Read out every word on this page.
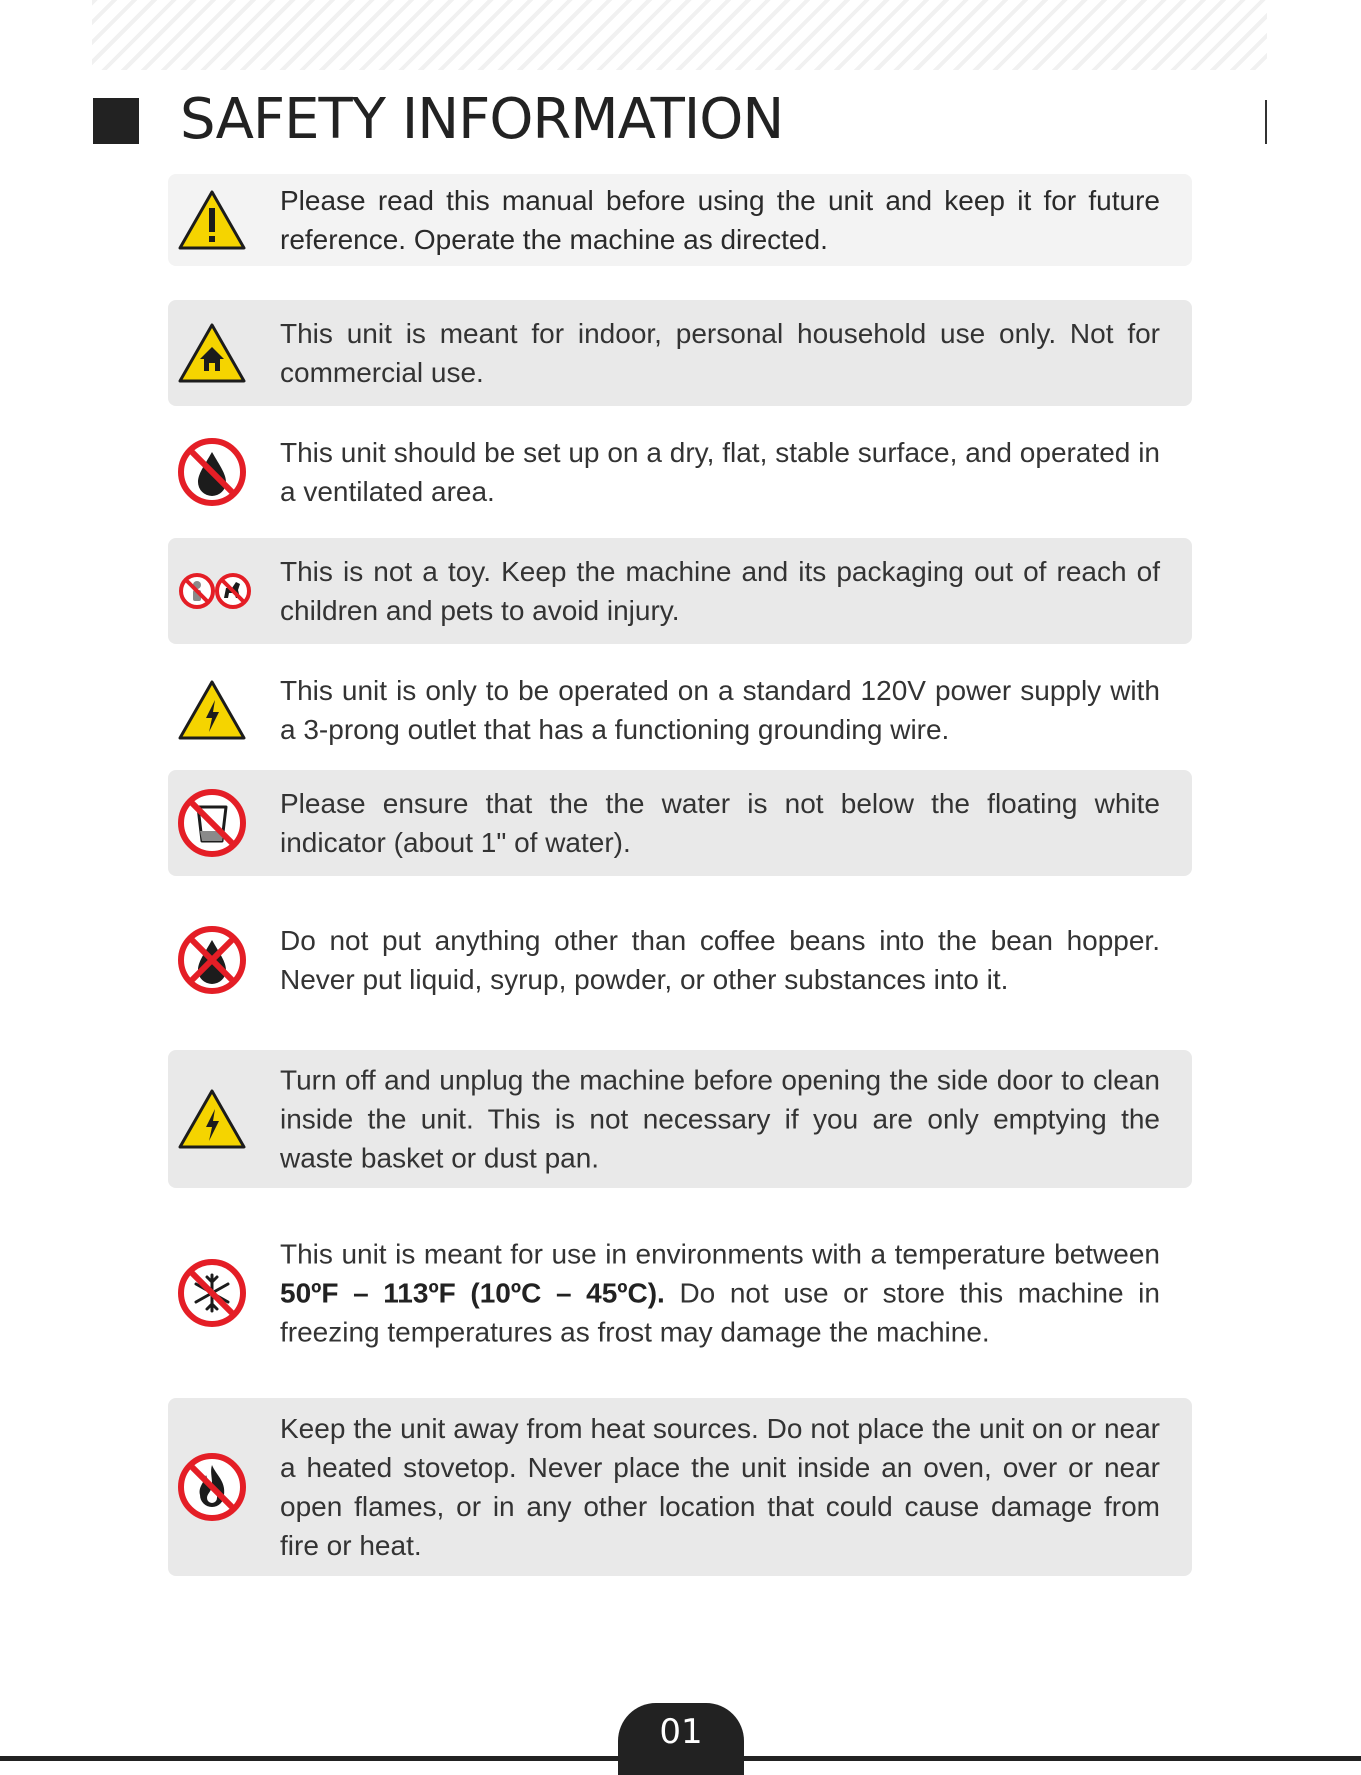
SAFETY INFORMATION

Please read this manual before using the unit and keep it for future reference. Operate the machine as directed.

This unit is meant for indoor, personal household use only. Not for commercial use.

This unit should be set up on a dry, flat, stable surface, and operated in a ventilated area.

This is not a toy. Keep the machine and its packaging out of reach of children and pets to avoid injury.

This unit is only to be operated on a standard 120V power supply with a 3-prong outlet that has a functioning grounding wire.

Please ensure that the the water is not below the floating white indicator (about 1" of water).

Do not put anything other than coffee beans into the bean hopper. Never put liquid, syrup, powder, or other substances into it.

Turn off and unplug the machine before opening the side door to clean inside the unit. This is not necessary if you are only emptying the waste basket or dust pan.

This unit is meant for use in environments with a temperature between 50ºF – 113ºF (10ºC – 45ºC). Do not use or store this machine in freezing temperatures as frost may damage the machine.

Keep the unit away from heat sources. Do not place the unit on or near a heated stovetop. Never place the unit inside an oven, over or near open flames, or in any other location that could cause damage from fire or heat.

01
